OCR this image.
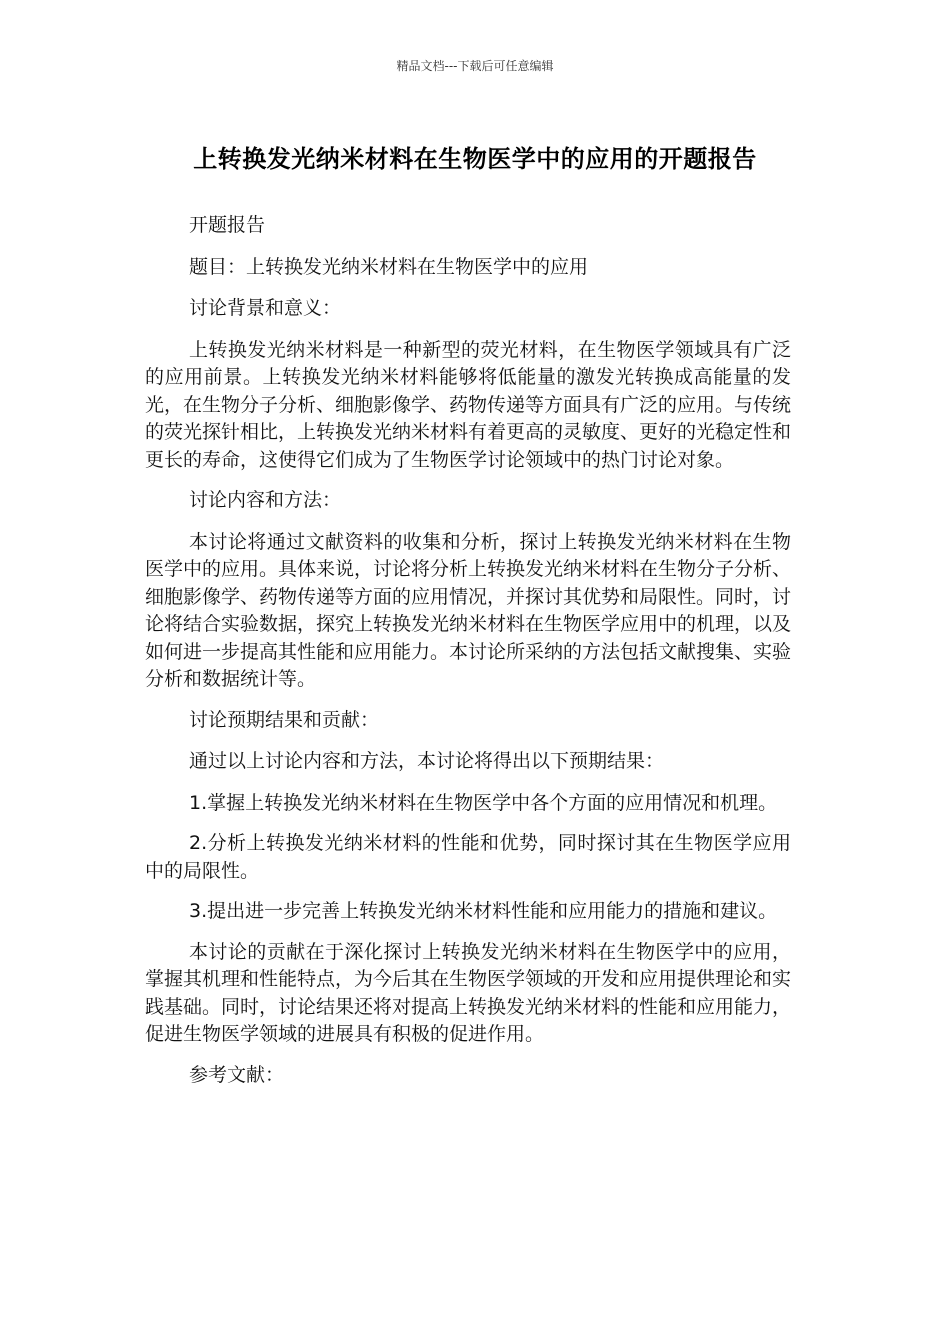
精品文档---下载后可任意编辑
上转换发光纳米材料在生物医学中的应用的开题报告

开题报告

题目：上转换发光纳米材料在生物医学中的应用

讨论背景和意义：

上转换发光纳米材料是一种新型的荧光材料，在生物医学领域具有广泛的应用前景。上转换发光纳米材料能够将低能量的激发光转换成高能量的发光，在生物分子分析、细胞影像学、药物传递等方面具有广泛的应用。与传统的荧光探针相比，上转换发光纳米材料有着更高的灵敏度、更好的光稳定性和更长的寿命，这使得它们成为了生物医学讨论领域中的热门讨论对象。

讨论内容和方法：

本讨论将通过文献资料的收集和分析，探讨上转换发光纳米材料在生物医学中的应用。具体来说，讨论将分析上转换发光纳米材料在生物分子分析、细胞影像学、药物传递等方面的应用情况，并探讨其优势和局限性。同时，讨论将结合实验数据，探究上转换发光纳米材料在生物医学应用中的机理，以及如何进一步提高其性能和应用能力。本讨论所采纳的方法包括文献搜集、实验分析和数据统计等。

讨论预期结果和贡献：

通过以上讨论内容和方法，本讨论将得出以下预期结果：

1.掌握上转换发光纳米材料在生物医学中各个方面的应用情况和机理。

2.分析上转换发光纳米材料的性能和优势，同时探讨其在生物医学应用中的局限性。

3.提出进一步完善上转换发光纳米材料性能和应用能力的措施和建议。

本讨论的贡献在于深化探讨上转换发光纳米材料在生物医学中的应用，掌握其机理和性能特点，为今后其在生物医学领域的开发和应用提供理论和实践基础。同时，讨论结果还将对提高上转换发光纳米材料的性能和应用能力，促进生物医学领域的进展具有积极的促进作用。

参考文献：
